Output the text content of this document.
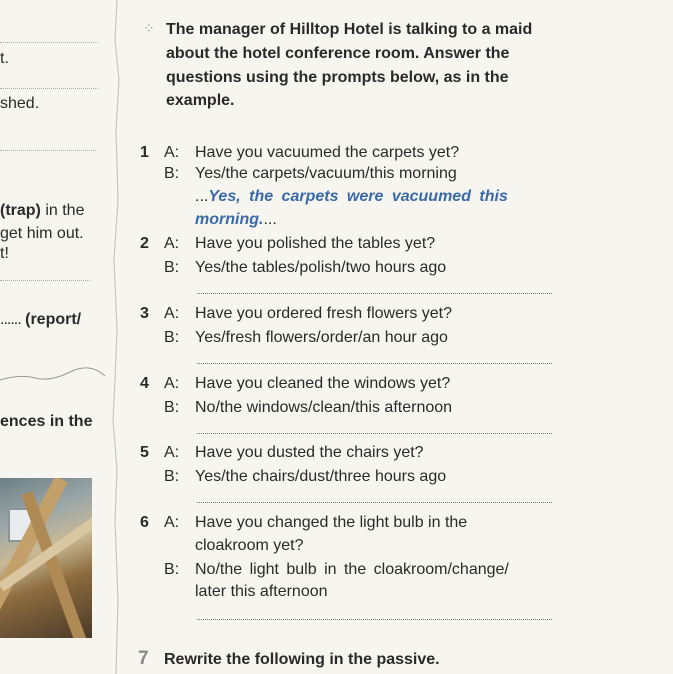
t.
shed.
(trap) in the
get him out.
t!
...... (report/
ences in the
⁘ The manager of Hilltop Hotel is talking to a maid
about the hotel conference room. Answer the
questions using the prompts below, as in the
example.
1 A: Have you vacuumed the carpets yet?
B: Yes/the carpets/vacuum/this morning
...Yes, the carpets were vacuumed this
morning....
2 A: Have you polished the tables yet?
B: Yes/the tables/polish/two hours ago
3 A: Have you ordered fresh flowers yet?
B: Yes/fresh flowers/order/an hour ago
4 A: Have you cleaned the windows yet?
B: No/the windows/clean/this afternoon
5 A: Have you dusted the chairs yet?
B: Yes/the chairs/dust/three hours ago
6 A: Have you changed the light bulb in the
cloakroom yet?
B: No/the light bulb in the cloakroom/change/
later this afternoon
7 Rewrite the following in the passive.
